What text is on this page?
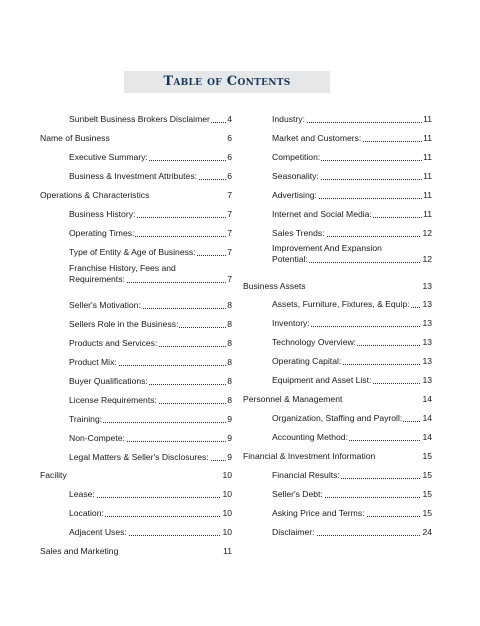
Table of Contents
Sunbelt Business Brokers Disclaimer 4
Name of Business	6
Executive Summary:	6
Business & Investment Attributes:	6
Operations & Characteristics	7
Business History:	7
Operating Times:	7
Type of Entity & Age of Business:	7
Franchise History, Fees and
Requirements:	7
Seller's Motivation:	8
Sellers Role in the Business:	8
Products and Services:	8
Product Mix:	8
Buyer Qualifications:	8
License Requirements:	8
Training:	9
Non-Compete:	9
Legal Matters & Seller's Disclosures: 9
Facility	10
Lease:	10
Location:	10
Adjacent Uses:	10
Sales and Marketing	11
Industry:	11
Market and Customers:	11
Competition:	11
Seasonality:	11
Advertising:	11
Internet and Social Media:	11
Sales Trends:	12
Improvement And Expansion
Potential:	12
Business Assets	13
Assets, Furniture, Fixtures, & Equip: 13
Inventory:	13
Technology Overview:	13
Operating Capital:	13
Equipment and Asset List:	13
Personnel & Management	14
Organization, Staffing and Payroll: 14
Accounting Method:	14
Financial & Investment Information	15
Financial Results:	15
Seller's Debt:	15
Asking Price and Terms:	15
Disclaimer:	24
